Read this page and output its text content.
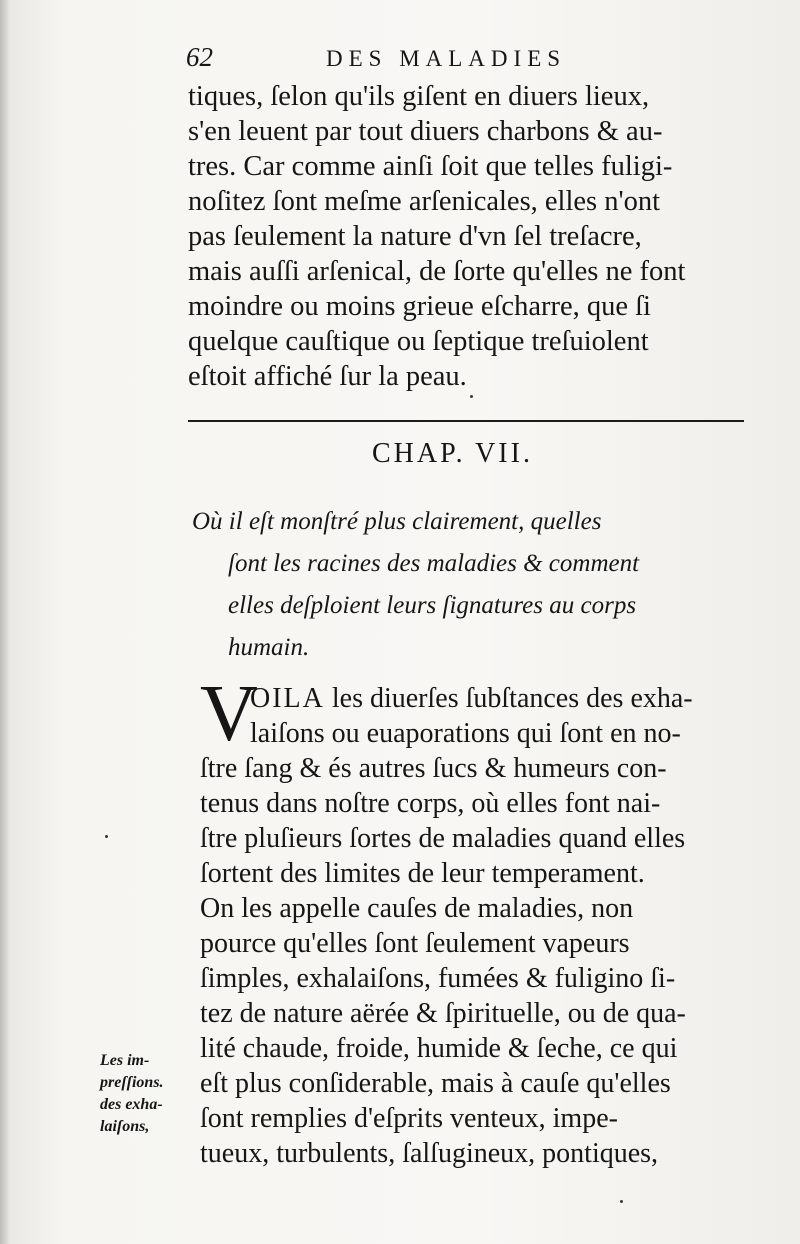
62	DES MALADIES
tiques, ſelon qu'ils giſent en diuers lieux,
s'en leuent par tout diuers charbons & au-
tres. Car comme ainſi ſoit que telles fuligi-
noſitez ſont meſme arſenicales, elles n'ont
pas ſeulement la nature d'vn ſel treſacre,
mais auſſi arſenical, de ſorte qu'elles ne font
moindre ou moins grieue eſcharre, que ſi
quelque cauſtique ou ſeptique treſuiolent
eſtoit affiché ſur la peau.
CHAP. VII.
Où il eſt monſtré plus clairement, quelles
ſont les racines des maladies & comment
elles deſploient leurs ſignatures au corps
humain.
V
OILA les diuerſes ſubſtances des exha-
laiſons ou euaporations qui ſont en no-
ſtre ſang & és autres ſucs & humeurs con-
tenus dans noſtre corps, où elles font nai-
ſtre pluſieurs ſortes de maladies quand elles
ſortent des limites de leur temperament.
On les appelle cauſes de maladies, non
pource qu'elles ſont ſeulement vapeurs
ſimples, exhalaiſons, fumées & fuligino ſi-
tez de nature aërée & ſpirituelle, ou de qua-
lité chaude, froide, humide & ſeche, ce qui
eſt plus conſiderable, mais à cauſe qu'elles
ſont remplies d'eſprits venteux, impe-
tueux, turbulents, ſalſugineux, pontiques,
Les im-
preſſions.
des exha-
laiſons,
